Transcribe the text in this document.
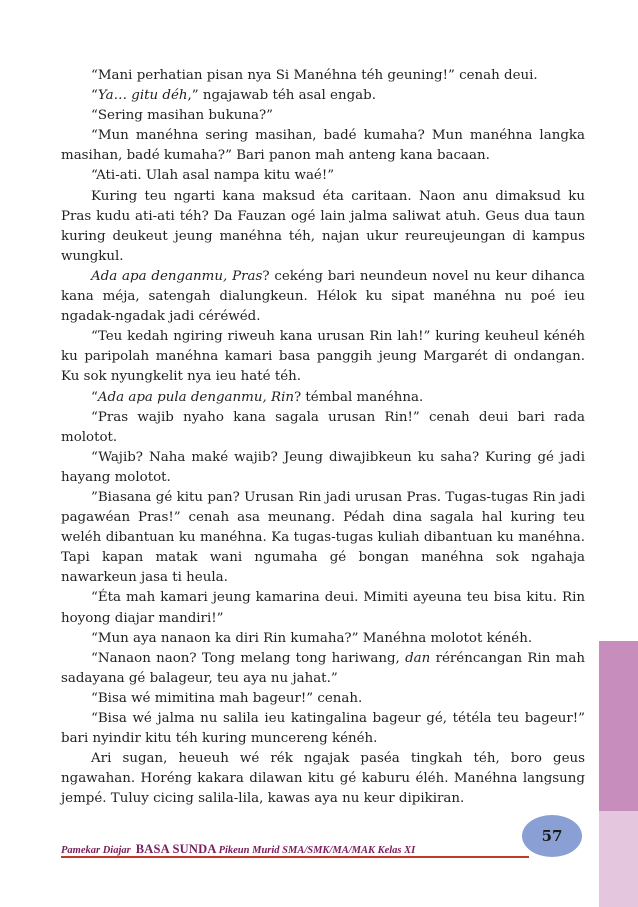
“Mani perhatian pisan nya Si Manéhna téh geuning!” cenah deui.

“Ya… gitu déh,” ngajawab téh asal engab.

“Sering masihan bukuna?”

“Mun manéhna sering masihan, badé kumaha? Mun manéhna langka masihan, badé kumaha?” Bari panon mah anteng kana bacaan.

“Ati-ati. Ulah asal nampa kitu waé!”

Kuring teu ngarti kana maksud éta caritaan. Naon anu dimaksud ku Pras kudu ati-ati téh? Da Fauzan ogé lain jalma saliwat atuh. Geus dua taun kuring deukeut jeung manéhna téh, najan ukur reureujeungan di kampus wungkul.

Ada apa denganmu, Pras? cekéng bari neundeun novel nu keur dihanca kana méja, satengah dialungkeun. Hélok ku sipat manéhna nu poé ieu ngadak-ngadak jadi céréwéd.

“Teu kedah ngiring riweuh kana urusan Rin lah!” kuring keuheul kénéh ku paripolah manéhna kamari basa panggih jeung Margarét di ondangan. Ku sok nyungkelit nya ieu haté téh.

“Ada apa pula denganmu, Rin? témbal manéhna.

“Pras wajib nyaho kana sagala urusan Rin!” cenah deui bari rada molotot.

“Wajib? Naha maké wajib? Jeung diwajibkeun ku saha? Kuring gé jadi hayang molotot.

”Biasana gé kitu pan? Urusan Rin jadi urusan Pras. Tugas-tugas Rin jadi pagawéan Pras!” cenah asa meunang. Pédah dina sagala hal kuring teu weléh dibantuan ku manéhna. Ka tugas-tugas kuliah dibantuan ku manéhna. Tapi kapan matak wani ngumaha gé bongan manéhna sok ngahaja nawarkeun jasa ti heula.

“Éta mah kamari jeung kamarina deui. Mimiti ayeuna teu bisa kitu. Rin hoyong diajar mandiri!”

“Mun aya nanaon ka diri Rin kumaha?” Manéhna molotot kénéh.

“Nanaon naon? Tong melang tong hariwang, dan réréncangan Rin mah sadayana gé balageur, teu aya nu jahat.”

“Bisa wé mimitina mah bageur!” cenah.

“Bisa wé jalma nu salila ieu katingalina bageur gé, tétéla teu bageur!” bari nyindir kitu téh kuring muncereng kénéh.

Ari sugan, heueuh wé rék ngajak paséa tingkah téh, boro geus ngawahan. Horéng kakara dilawan kitu gé kaburu éléh. Manéhna langsung jempé. Tuluy cicing salila-lila, kawas aya nu keur dipikiran.

57
Pamekar Diajar BASA SUNDA Pikeun Murid SMA/SMK/MA/MAK Kelas XI
